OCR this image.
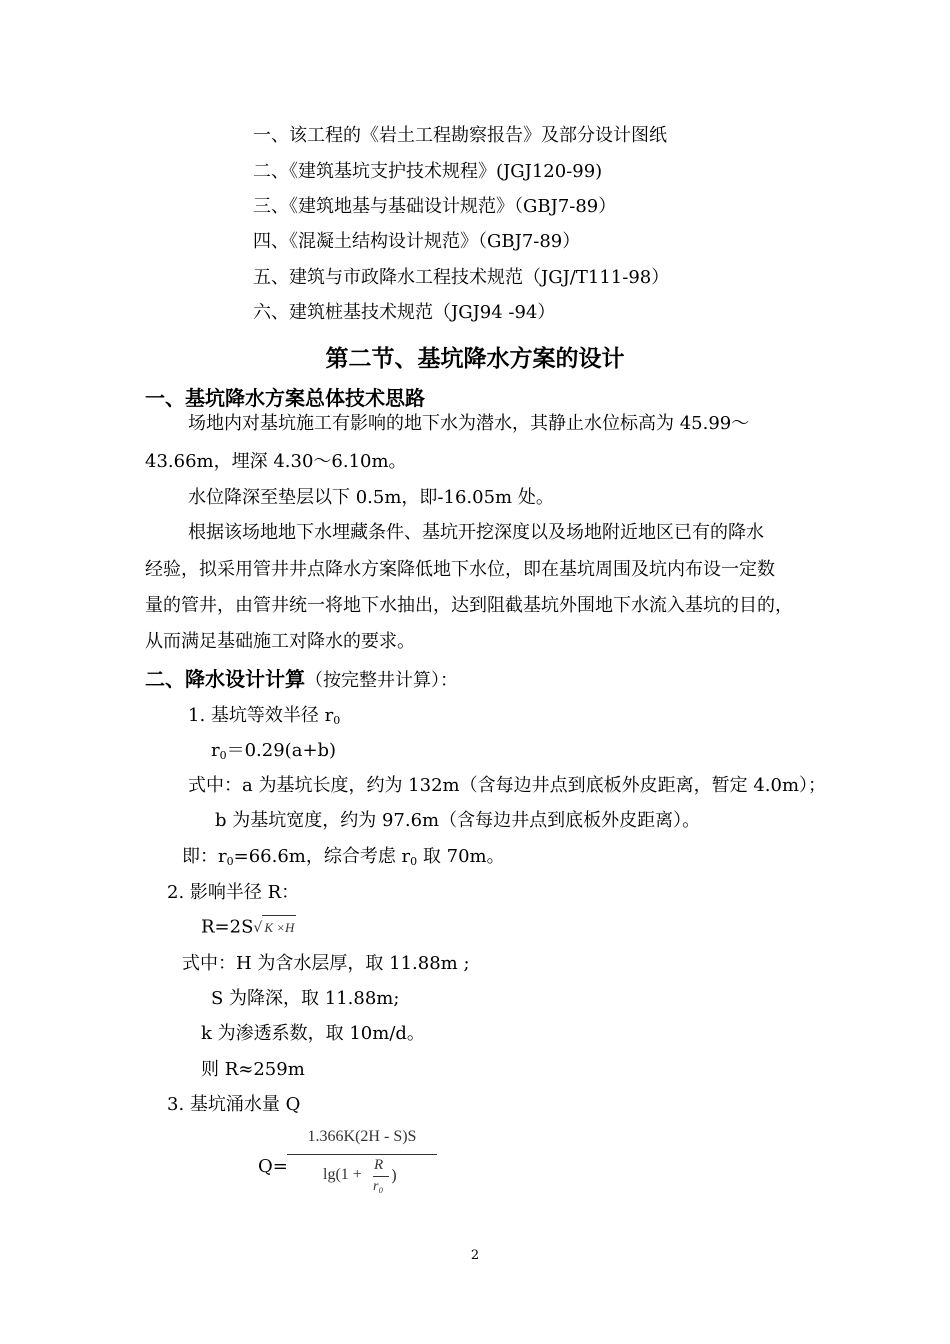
一、该工程的《岩土工程勘察报告》及部分设计图纸
二、《建筑基坑支护技术规程》(JGJ120-99)
三、《建筑地基与基础设计规范》（GBJ7-89）
四、《混凝土结构设计规范》（GBJ7-89）
五、建筑与市政降水工程技术规范（JGJ/T111-98）
六、建筑桩基技术规范（JGJ94 -94）
第二节、基坑降水方案的设计
一、基坑降水方案总体技术思路
场地内对基坑施工有影响的地下水为潜水，其静止水位标高为 45.99～
43.66m，埋深 4.30～6.10m。
水位降深至垫层以下 0.5m，即-16.05m 处。
根据该场地地下水埋藏条件、基坑开挖深度以及场地附近地区已有的降水
经验，拟采用管井井点降水方案降低地下水位，即在基坑周围及坑内布设一定数
量的管井，由管井统一将地下水抽出，达到阻截基坑外围地下水流入基坑的目的，
从而满足基础施工对降水的要求。
二、降水设计计算（按完整井计算）：
1. 基坑等效半径 $r_0$
$r_0=0.29(a+b)$
式中：a 为基坑长度，约为 132m（含每边井点到底板外皮距离，暂定 4.0m）；
b 为基坑宽度，约为 97.6m（含每边井点到底板外皮距离）。
即：$r_0=66.6m$，综合考虑 $r_0$ 取 70m。
2. 影响半径 R：
R=2S√ K ×H
式中：H 为含水层厚，取 11.88m ;
S 为降深，取 11.88m;
k 为渗透系数，取 10m/d。
则 R≈259m
3. 基坑涌水量 Q
Q=
1.366K(2H - S)S
lg(1 +
R
r₀
)
2
